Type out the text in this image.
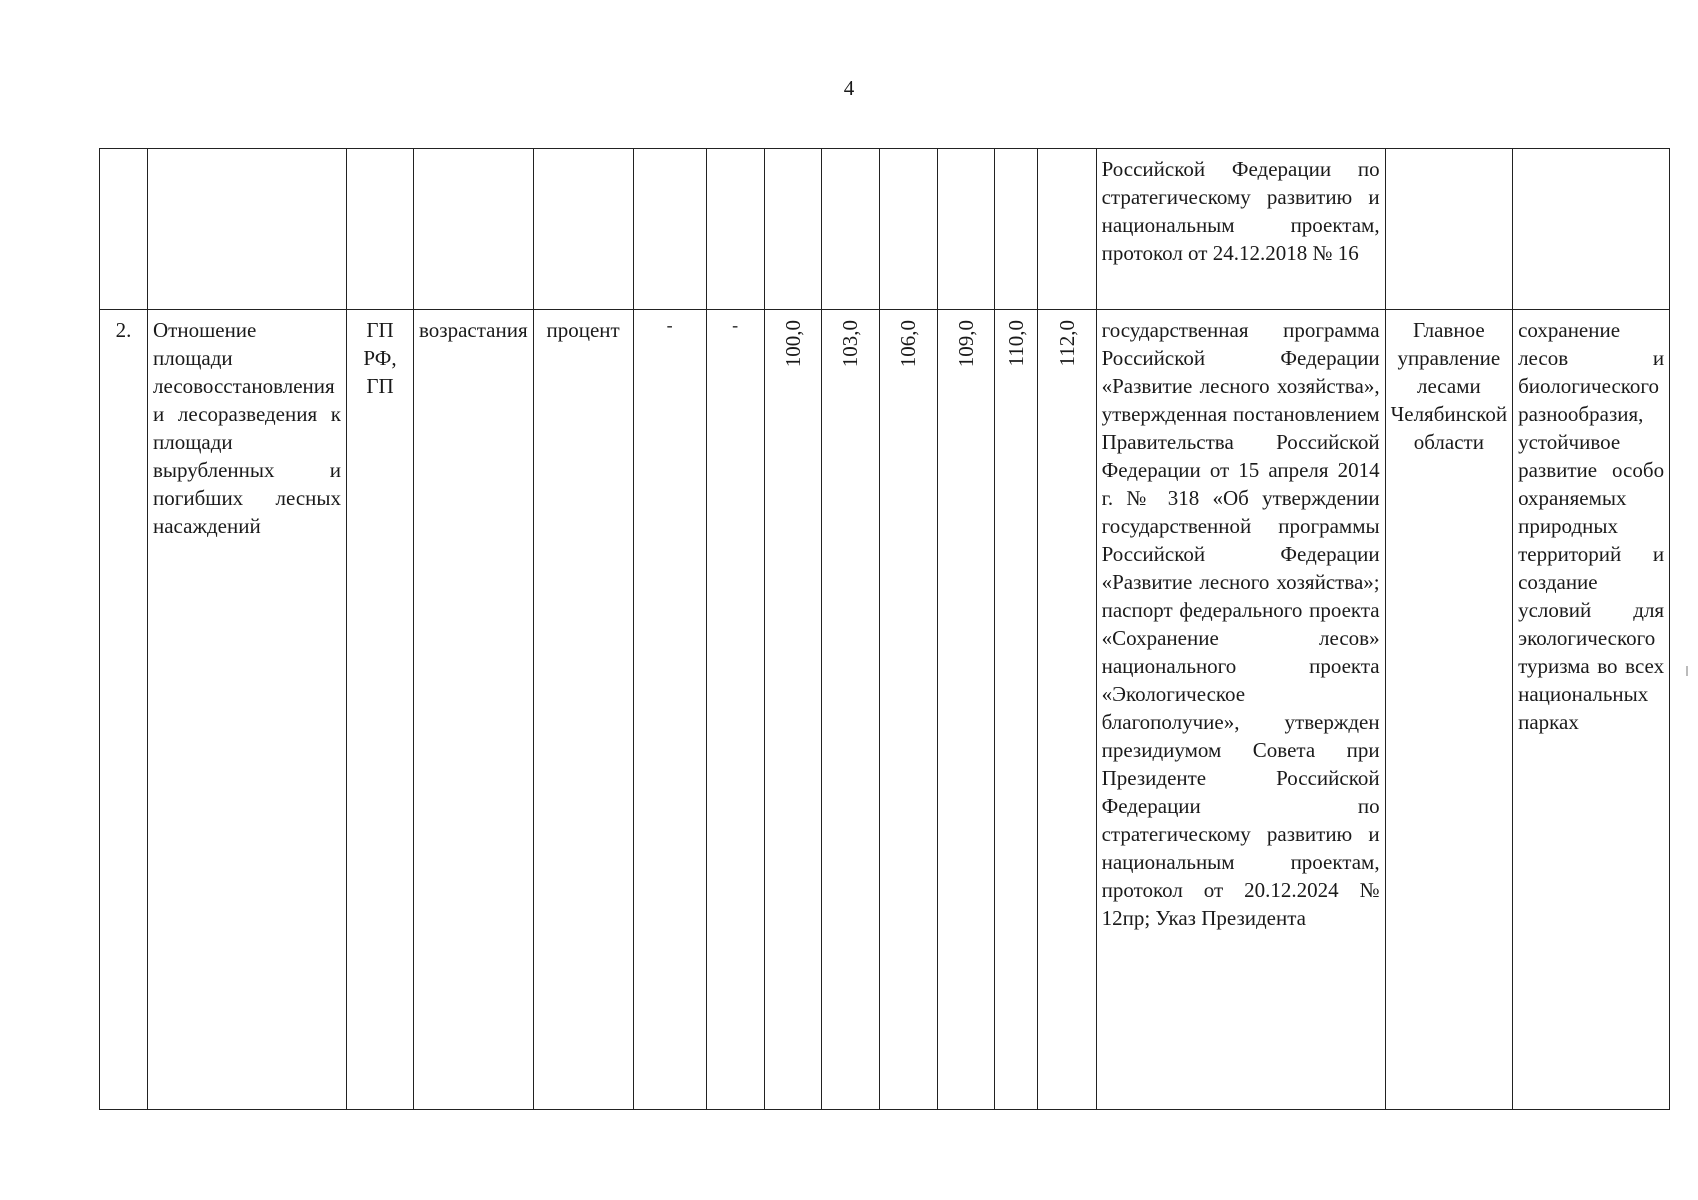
4
													Российской Федерации по стратегическому развитию и национальным проектам, протокол от 24.12.2018 № 16		
2.	Отношение площади лесовосстановления и лесоразведения к площади вырубленных и погибших лесных насаждений	ГП РФ, ГП	возрастания	процент	-	-	100,0	103,0	106,0	109,0	110,0	112,0	государственная программа Российской Федерации «Развитие лесного хозяйства», утвержденная постановлением Правительства Российской Федерации от 15 апреля 2014 г. № 318 «Об утверждении государственной программы Российской Федерации «Развитие лесного хозяйства»; паспорт федерального проекта «Сохранение лесов» национального проекта «Экологическое благополучие», утвержден президиумом Совета при Президенте Российской Федерации по стратегическому развитию и национальным проектам, протокол от 20.12.2024 № 12пр; Указ Президента	Главное управление лесами Челябинской области	сохранение лесов и биологического разнообразия, устойчивое развитие особо охраняемых природных территорий и создание условий для экологического туризма во всех национальных парках
